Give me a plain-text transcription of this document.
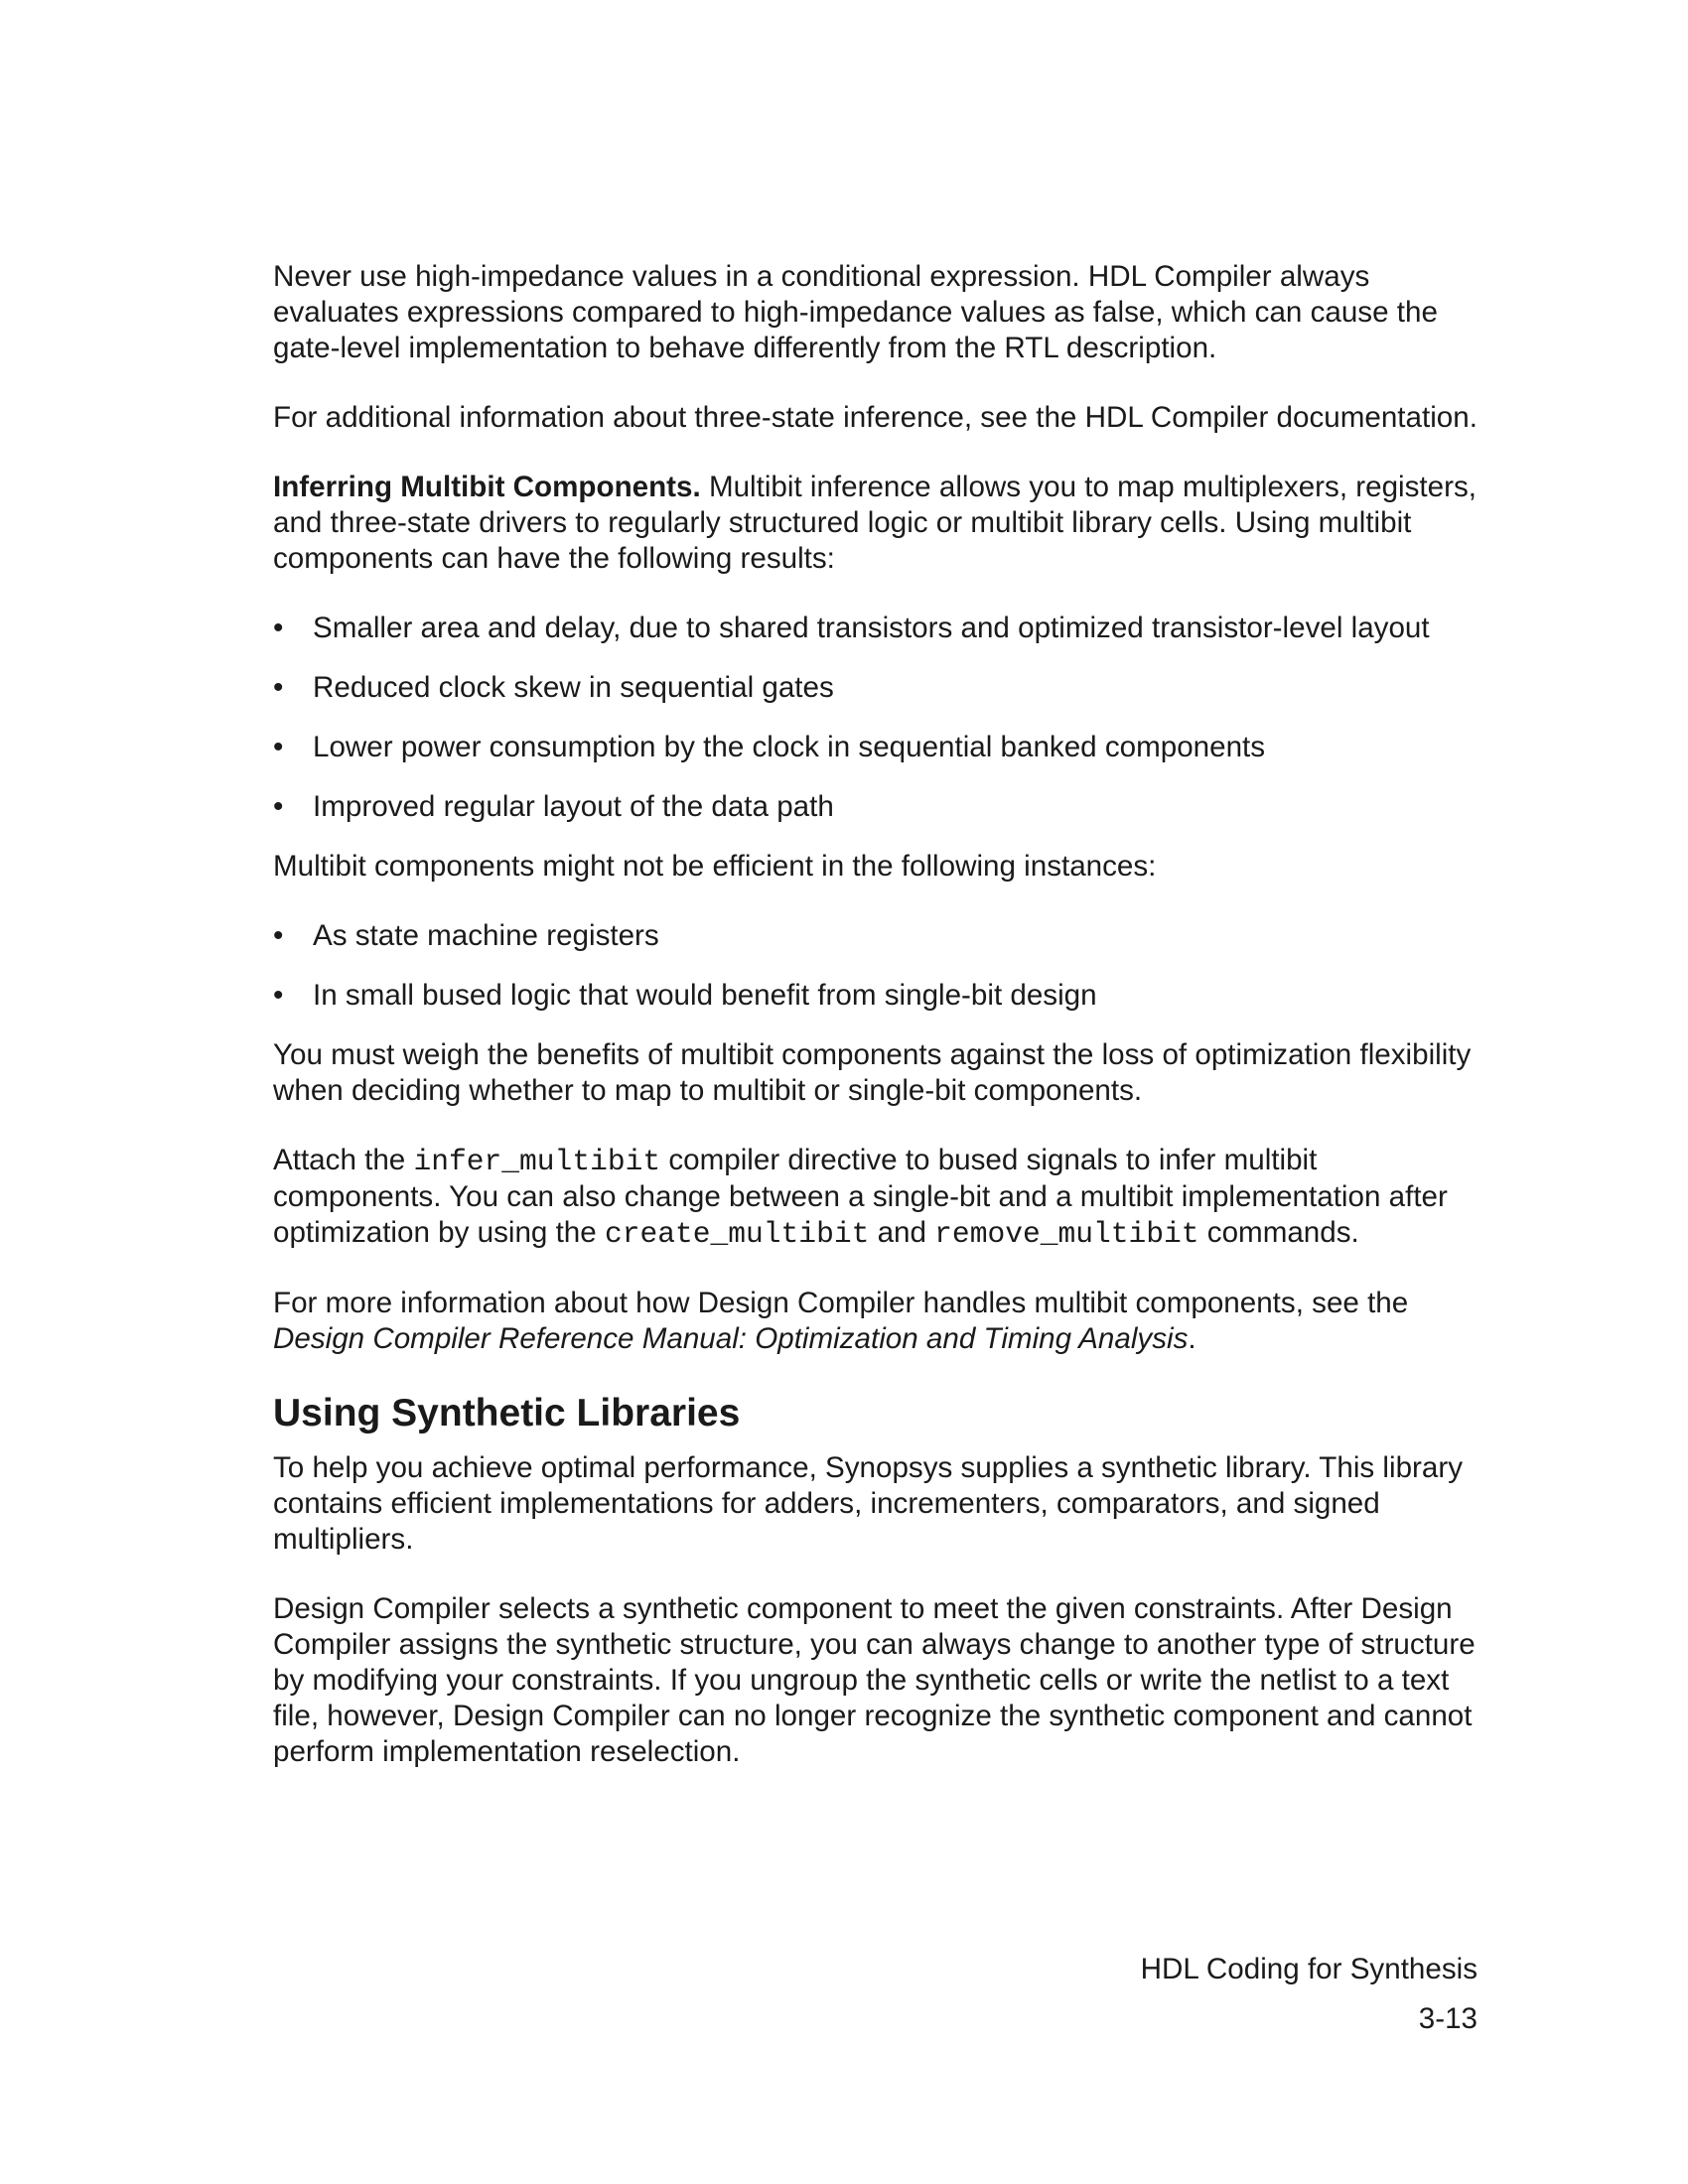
Never use high-impedance values in a conditional expression. HDL Compiler always evaluates expressions compared to high-impedance values as false, which can cause the gate-level implementation to behave differently from the RTL description.

For additional information about three-state inference, see the HDL Compiler documentation.

Inferring Multibit Components. Multibit inference allows you to map multiplexers, registers, and three-state drivers to regularly structured logic or multibit library cells. Using multibit components can have the following results:

• Smaller area and delay, due to shared transistors and optimized transistor-level layout
• Reduced clock skew in sequential gates
• Lower power consumption by the clock in sequential banked components
• Improved regular layout of the data path

Multibit components might not be efficient in the following instances:

• As state machine registers
• In small bused logic that would benefit from single-bit design

You must weigh the benefits of multibit components against the loss of optimization flexibility when deciding whether to map to multibit or single-bit components.

Attach the infer_multibit compiler directive to bused signals to infer multibit components. You can also change between a single-bit and a multibit implementation after optimization by using the create_multibit and remove_multibit commands.

For more information about how Design Compiler handles multibit components, see the Design Compiler Reference Manual: Optimization and Timing Analysis.

Using Synthetic Libraries

To help you achieve optimal performance, Synopsys supplies a synthetic library. This library contains efficient implementations for adders, incrementers, comparators, and signed multipliers.

Design Compiler selects a synthetic component to meet the given constraints. After Design Compiler assigns the synthetic structure, you can always change to another type of structure by modifying your constraints. If you ungroup the synthetic cells or write the netlist to a text file, however, Design Compiler can no longer recognize the synthetic component and cannot perform implementation reselection.

HDL Coding for Synthesis
3-13
